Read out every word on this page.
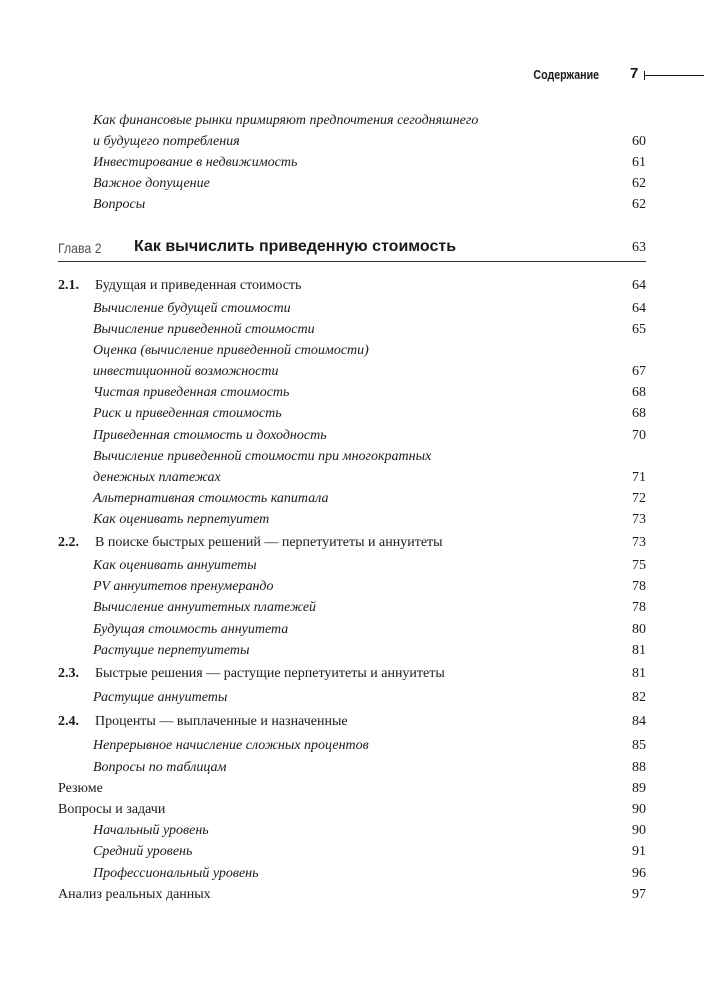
Содержание 7
Как финансовые рынки примиряют предпочтения сегодняшнего
и будущего потребления	60
Инвестирование в недвижимость	61
Важное допущение	62
Вопросы	62
Глава 2 Как вычислить приведенную стоимость	63
2.1. Будущая и приведенная стоимость	64
Вычисление будущей стоимости	64
Вычисление приведенной стоимости	65
Оценка (вычисление приведенной стоимости)
инвестиционной возможности	67
Чистая приведенная стоимость	68
Риск и приведенная стоимость	68
Приведенная стоимость и доходность	70
Вычисление приведенной стоимости при многократных
денежных платежах	71
Альтернативная стоимость капитала	72
Как оценивать перпетуитет	73
2.2. В поиске быстрых решений — перпетуитеты и аннуитеты	73
Как оценивать аннуитеты	75
PV аннуитетов пренумерандо	78
Вычисление аннуитетных платежей	78
Будущая стоимость аннуитета	80
Растущие перпетуитеты	81
2.3. Быстрые решения — растущие перпетуитеты и аннуитеты	81
Растущие аннуитеты	82
2.4. Проценты — выплаченные и назначенные	84
Непрерывное начисление сложных процентов	85
Вопросы по таблицам	88
Резюме	89
Вопросы и задачи	90
Начальный уровень	90
Средний уровень	91
Профессиональный уровень	96
Анализ реальных данных	97
